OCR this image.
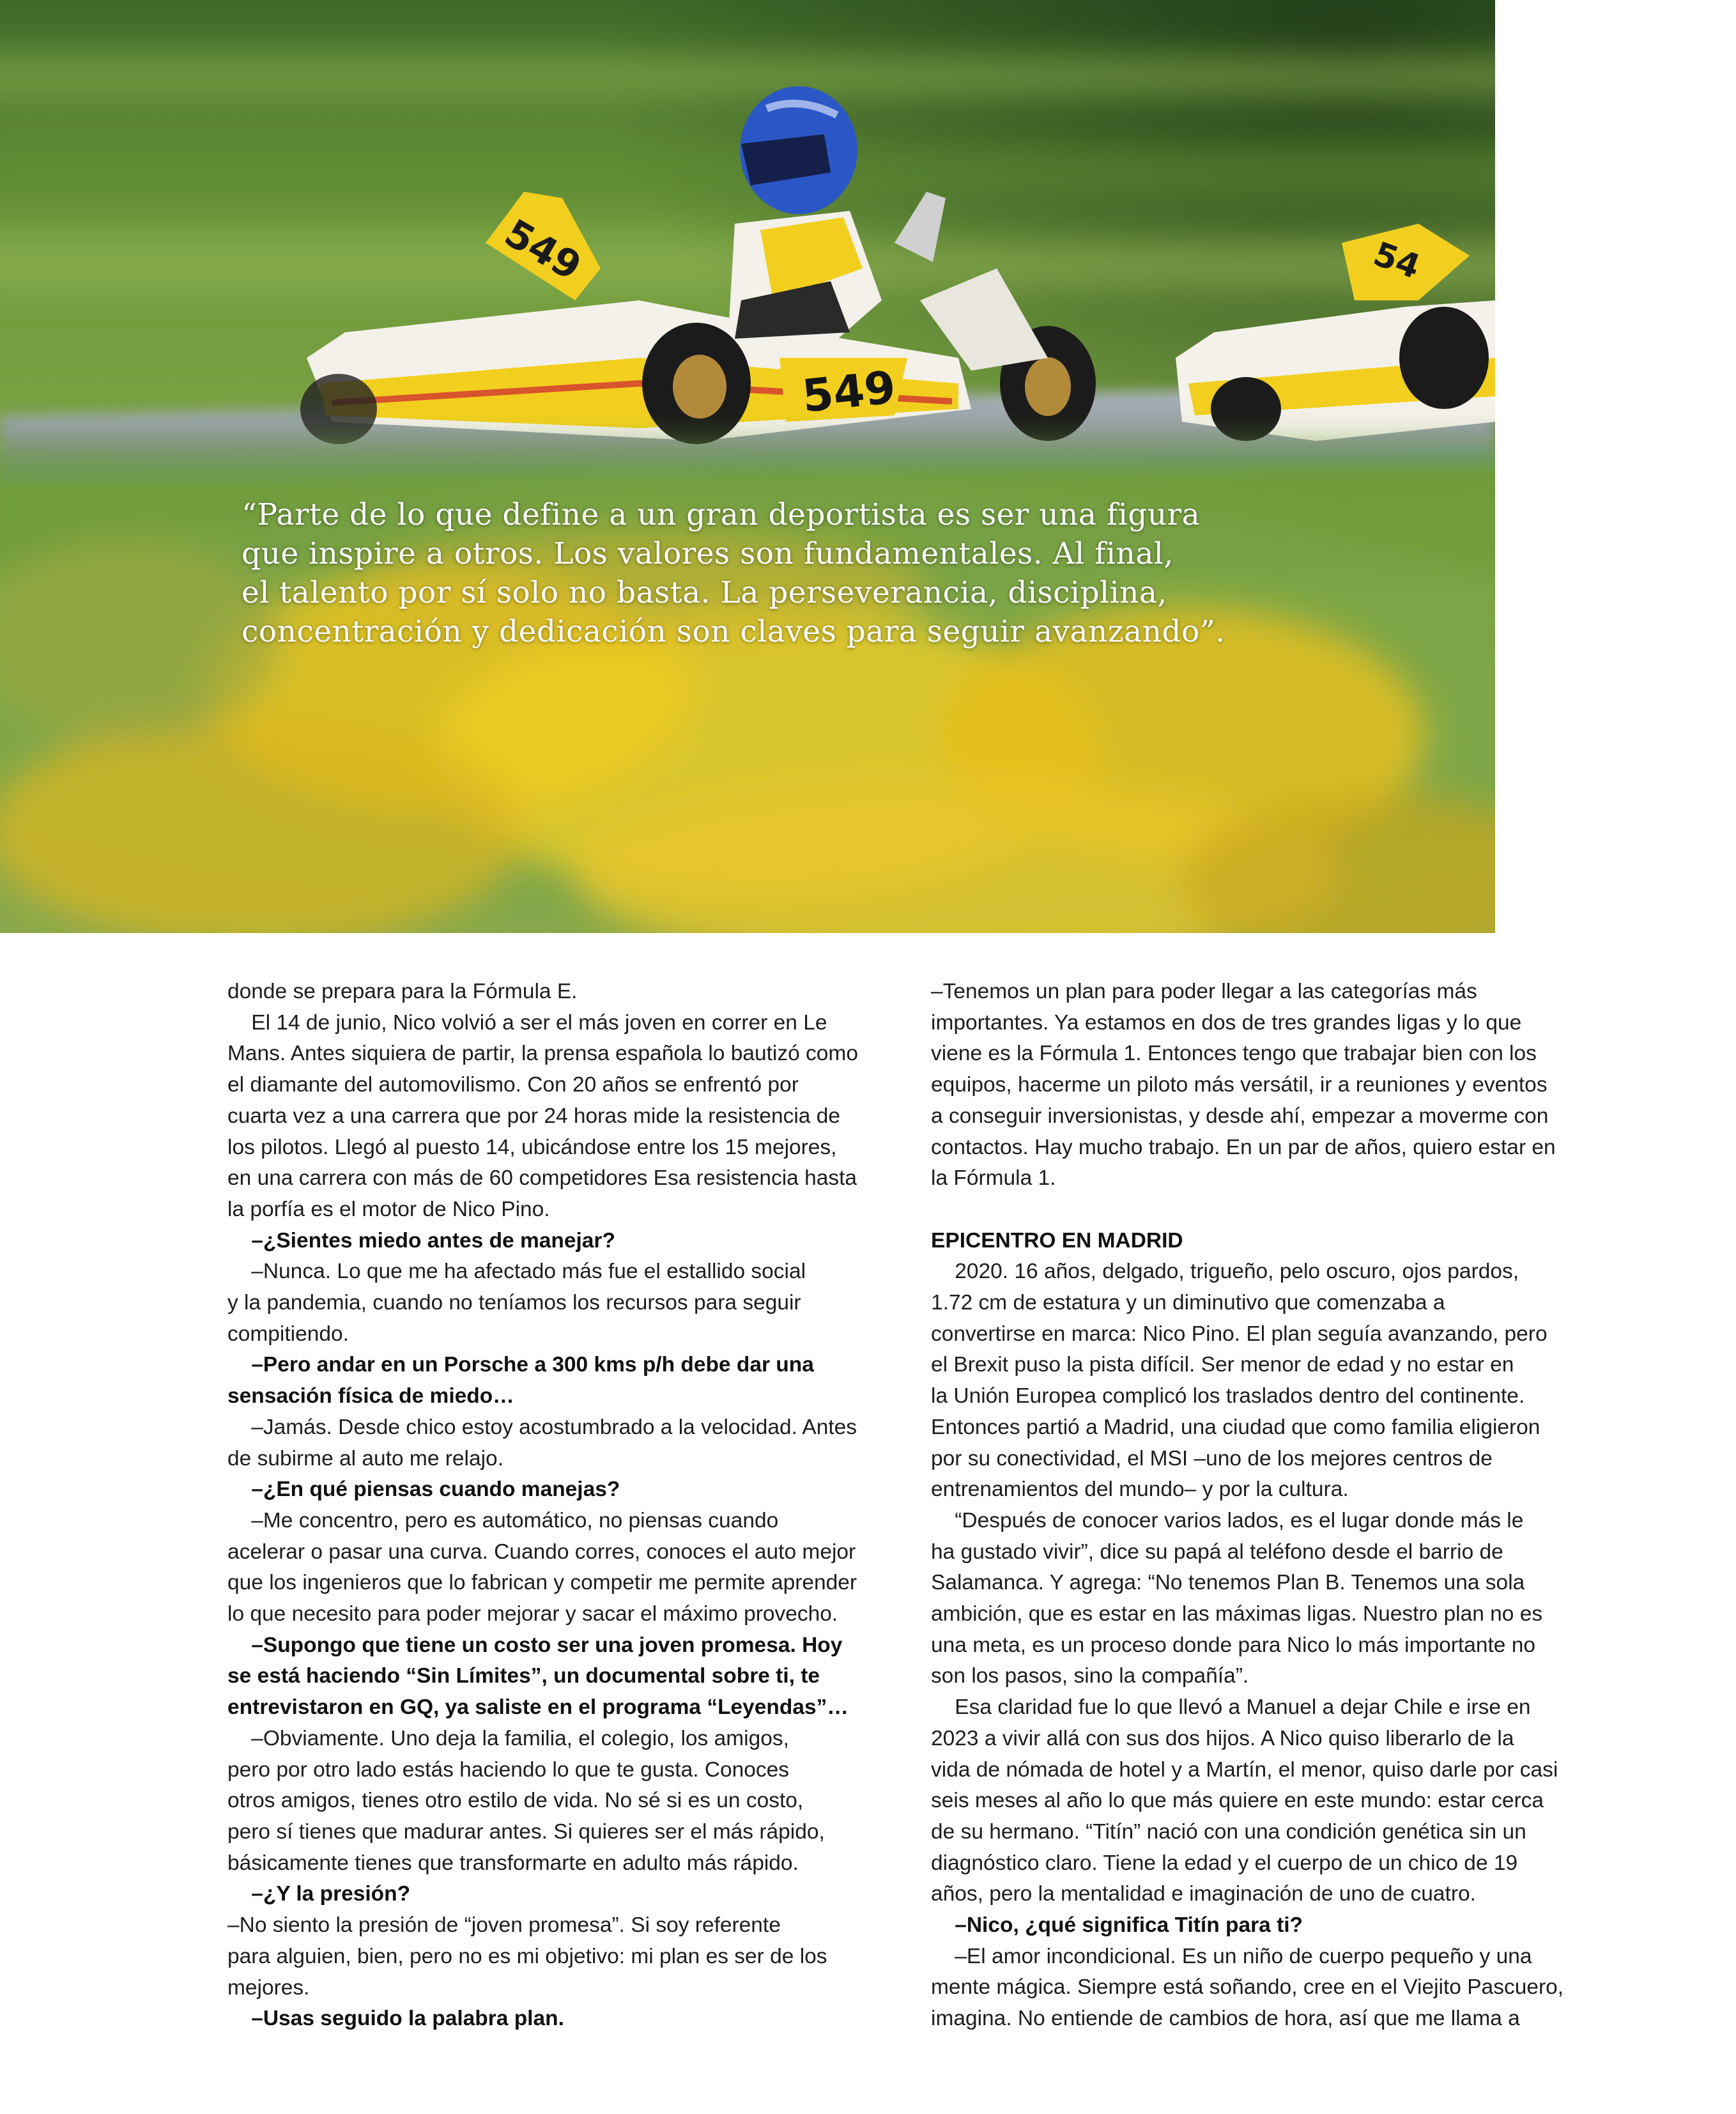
549
549	54
“Parte de lo que define a un gran deportista es ser una figura
que inspire a otros. Los valores son fundamentales. Al final,
el talento por sí solo no basta. La perseverancia, disciplina,
concentración y dedicación son claves para seguir avanzando”.

donde se prepara para la Fórmula E.

El 14 de junio, Nico volvió a ser el más joven en correr en Le

Mans. Antes siquiera de partir, la prensa española lo bautizó como

el diamante del automovilismo. Con 20 años se enfrentó por

cuarta vez a una carrera que por 24 horas mide la resistencia de

los pilotos. Llegó al puesto 14, ubicándose entre los 15 mejores,

en una carrera con más de 60 competidores Esa resistencia hasta

la porfía es el motor de Nico Pino.

–¿Sientes miedo antes de manejar?

–Nunca. Lo que me ha afectado más fue el estallido social

y la pandemia, cuando no teníamos los recursos para seguir

compitiendo.

–Pero andar en un Porsche a 300 kms p/h debe dar una

sensación física de miedo…

–Jamás. Desde chico estoy acostumbrado a la velocidad. Antes

de subirme al auto me relajo.

–¿En qué piensas cuando manejas?

–Me concentro, pero es automático, no piensas cuando

acelerar o pasar una curva. Cuando corres, conoces el auto mejor

que los ingenieros que lo fabrican y competir me permite aprender

lo que necesito para poder mejorar y sacar el máximo provecho.

–Supongo que tiene un costo ser una joven promesa. Hoy

se está haciendo “Sin Límites”, un documental sobre ti, te

entrevistaron en GQ, ya saliste en el programa “Leyendas”…

–Obviamente. Uno deja la familia, el colegio, los amigos,

pero por otro lado estás haciendo lo que te gusta. Conoces

otros amigos, tienes otro estilo de vida. No sé si es un costo,

pero sí tienes que madurar antes. Si quieres ser el más rápido,

básicamente tienes que transformarte en adulto más rápido.

–¿Y la presión?

–No siento la presión de “joven promesa”. Si soy referente

para alguien, bien, pero no es mi objetivo: mi plan es ser de los

mejores.

–Usas seguido la palabra plan.

–Tenemos un plan para poder llegar a las categorías más

importantes. Ya estamos en dos de tres grandes ligas y lo que

viene es la Fórmula 1. Entonces tengo que trabajar bien con los

equipos, hacerme un piloto más versátil, ir a reuniones y eventos

a conseguir inversionistas, y desde ahí, empezar a moverme con

contactos. Hay mucho trabajo. En un par de años, quiero estar en

la Fórmula 1.

EPICENTRO EN MADRID

2020. 16 años, delgado, trigueño, pelo oscuro, ojos pardos,

1.72 cm de estatura y un diminutivo que comenzaba a

convertirse en marca: Nico Pino. El plan seguía avanzando, pero

el Brexit puso la pista difícil. Ser menor de edad y no estar en

la Unión Europea complicó los traslados dentro del continente.

Entonces partió a Madrid, una ciudad que como familia eligieron

por su conectividad, el MSI –uno de los mejores centros de

entrenamientos del mundo– y por la cultura.

“Después de conocer varios lados, es el lugar donde más le

ha gustado vivir”, dice su papá al teléfono desde el barrio de

Salamanca. Y agrega: “No tenemos Plan B. Tenemos una sola

ambición, que es estar en las máximas ligas. Nuestro plan no es

una meta, es un proceso donde para Nico lo más importante no

son los pasos, sino la compañía”.

Esa claridad fue lo que llevó a Manuel a dejar Chile e irse en

2023 a vivir allá con sus dos hijos. A Nico quiso liberarlo de la

vida de nómada de hotel y a Martín, el menor, quiso darle por casi

seis meses al año lo que más quiere en este mundo: estar cerca

de su hermano. “Titín” nació con una condición genética sin un

diagnóstico claro. Tiene la edad y el cuerpo de un chico de 19

años, pero la mentalidad e imaginación de uno de cuatro.

–Nico, ¿qué significa Titín para ti?

–El amor incondicional. Es un niño de cuerpo pequeño y una

mente mágica. Siempre está soñando, cree en el Viejito Pascuero,

imagina. No entiende de cambios de hora, así que me llama a
